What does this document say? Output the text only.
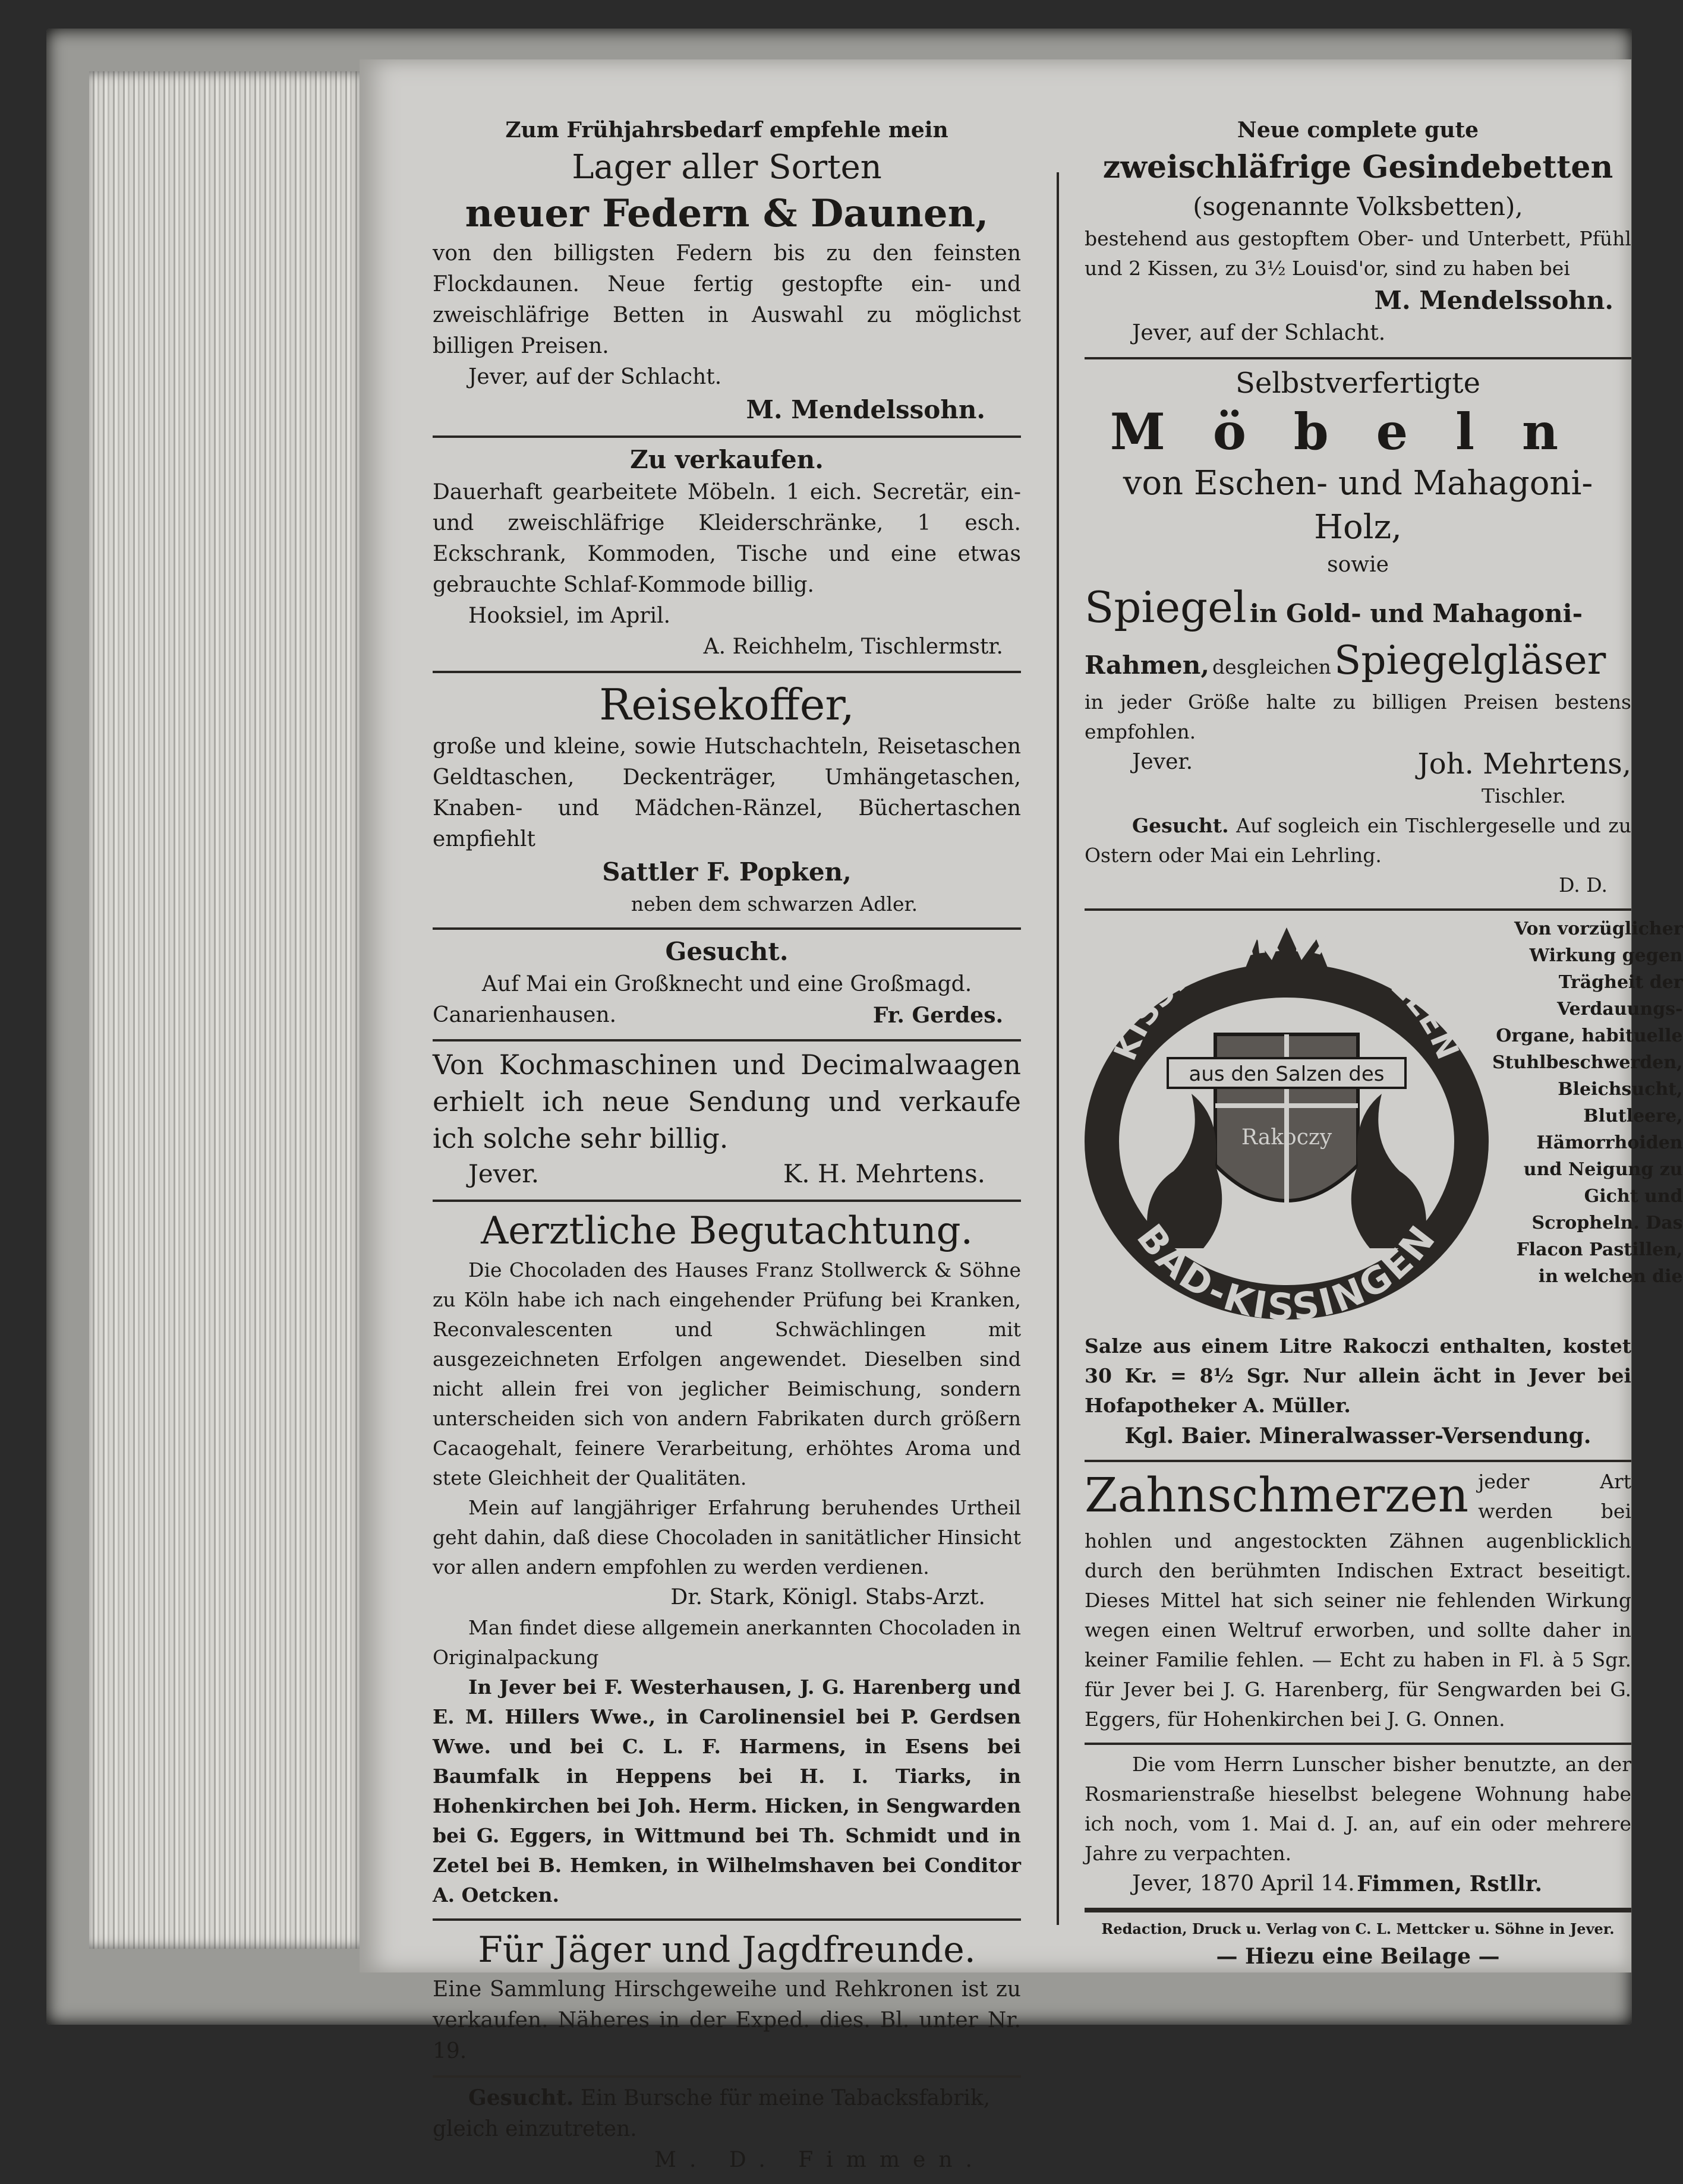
Zum Frühjahrsbedarf empfehle mein
Lager aller Sorten
neuer Federn & Daunen,
von den billigsten Federn bis zu den feinsten Flockdaunen. Neue fertig gestopfte ein- und zweischläfrige Betten in Auswahl zu möglichst billigen Preisen.
Jever, auf der Schlacht.
M. Mendelssohn.
Zu verkaufen.
Dauerhaft gearbeitete Möbeln. 1 eich. Secretär, ein- und zweischläfrige Kleiderschränke, 1 esch. Eckschrank, Kommoden, Tische und eine etwas gebrauchte Schlaf-Kommode billig.
Hooksiel, im April.
A. Reichhelm, Tischlermstr.
Reisekoffer,
große und kleine, sowie Hutschachteln, Reisetaschen Geldtaschen, Deckenträger, Umhängetaschen, Knaben- und Mädchen-Ränzel, Büchertaschen empfiehlt
Sattler F. Popken,
neben dem schwarzen Adler.
Gesucht.
Auf Mai ein Großknecht und eine Großmagd.
Canarienhausen.	Fr. Gerdes.
Von Kochmaschinen und Decimalwaagen erhielt ich neue Sendung und verkaufe ich solche sehr billig.
Jever.	K. H. Mehrtens.
Aerztliche Begutachtung.
Die Chocoladen des Hauses Franz Stollwerck & Söhne zu Köln habe ich nach eingehender Prüfung bei Kranken, Reconvalescenten und Schwächlingen mit ausgezeichneten Erfolgen angewendet. Dieselben sind nicht allein frei von jeglicher Beimischung, sondern unterscheiden sich von andern Fabrikaten durch größern Cacaogehalt, feinere Verarbeitung, erhöhtes Aroma und stete Gleichheit der Qualitäten.
Mein auf langjähriger Erfahrung beruhendes Urtheil geht dahin, daß diese Chocoladen in sanitätlicher Hinsicht vor allen andern empfohlen zu werden verdienen.
Dr. Stark, Königl. Stabs-Arzt.
Man findet diese allgemein anerkannten Chocoladen in Originalpackung
In Jever bei F. Westerhausen, J. G. Harenberg und E. M. Hillers Wwe., in Carolinensiel bei P. Gerdsen Wwe. und bei C. L. F. Harmens, in Esens bei Baumfalk in Heppens bei H. I. Tiarks, in Hohenkirchen bei Joh. Herm. Hicken, in Sengwarden bei G. Eggers, in Wittmund bei Th. Schmidt und in Zetel bei B. Hemken, in Wilhelmshaven bei Conditor A. Oetcken.
Für Jäger und Jagdfreunde.
Eine Sammlung Hirschgeweihe und Rehkronen ist zu verkaufen. Näheres in der Exped. dies. Bl. unter Nr. 19.
Gesucht. Ein Bursche für meine Tabacksfabrik, gleich einzutreten.
M. D. Fimmen.
Neue complete gute
zweischläfrige Gesindebetten
(sogenannte Volksbetten),
bestehend aus gestopftem Ober- und Unterbett, Pfühl und 2 Kissen, zu 3½ Louisd'or, sind zu haben bei
M. Mendelssohn.
Jever, auf der Schlacht.
Selbstverfertigte
Möbeln
von Eschen- und Mahagoni-Holz,
sowie
Spiegel in Gold- und Mahagoni-
Rahmen, desgleichen Spiegelgläser
in jeder Größe halte zu billigen Preisen bestens empfohlen.
Jever.	Joh. Mehrtens,
Tischler.
Gesucht. Auf sogleich ein Tischlergeselle und zu Ostern oder Mai ein Lehrling.
D. D.
KISSINGER PASTILLEN
aus den Salzen des
Rakoczy
BAD-KISSINGEN
Von vorzüglicher Wirkung gegen Trägheit der Verdauungs-Organe, habituelle Stuhlbeschwerden, Bleichsucht, Blutleere, Hämorrhoiden und Neigung zu Gicht und Scropheln. Das Flacon Pastillen, in welchen die
Salze aus einem Litre Rakoczi enthalten, kostet 30 Kr. = 8½ Sgr. Nur allein ächt in Jever bei Hofapotheker A. Müller.
Kgl. Baier. Mineralwasser-Versendung.
Zahnschmerzen jeder Art werden bei hohlen und angestockten Zähnen augenblicklich durch den berühmten Indischen Extract beseitigt. Dieses Mittel hat sich seiner nie fehlenden Wirkung wegen einen Weltruf erworben, und sollte daher in keiner Familie fehlen. — Echt zu haben in Fl. à 5 Sgr. für Jever bei J. G. Harenberg, für Sengwarden bei G. Eggers, für Hohenkirchen bei J. G. Onnen.
Die vom Herrn Lunscher bisher benutzte, an der Rosmarienstraße hieselbst belegene Wohnung habe ich noch, vom 1. Mai d. J. an, auf ein oder mehrere Jahre zu verpachten.
Jever, 1870 April 14. Fimmen, Rstllr.
Redaction, Druck u. Verlag von C. L. Mettcker u. Söhne in Jever.
— Hiezu eine Beilage —
